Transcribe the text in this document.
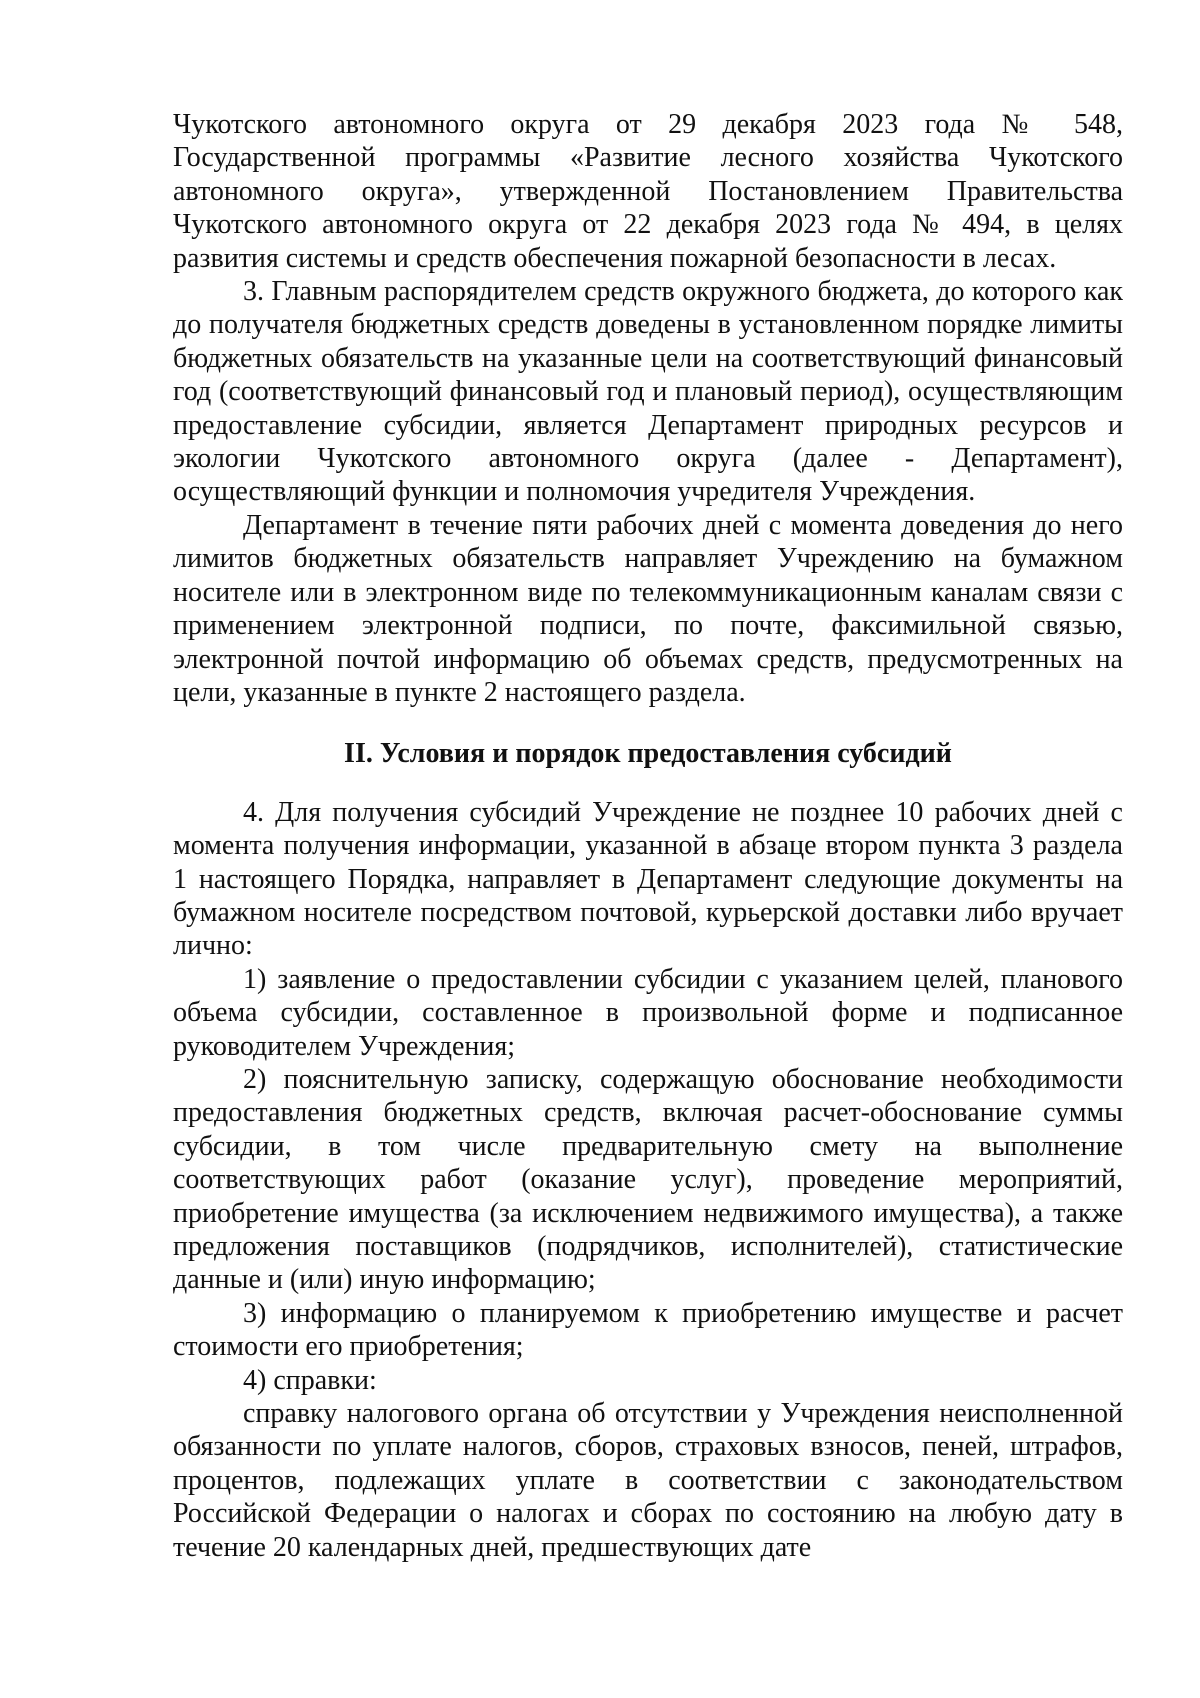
Чукотского автономного округа от 29 декабря 2023 года № 548, Государственной программы «Развитие лесного хозяйства Чукотского автономного округа», утвержденной Постановлением Правительства Чукотского автономного округа от 22 декабря 2023 года № 494, в целях развития системы и средств обеспечения пожарной безопасности в лесах.

3. Главным распорядителем средств окружного бюджета, до которого как до получателя бюджетных средств доведены в установленном порядке лимиты бюджетных обязательств на указанные цели на соответствующий финансовый год (соответствующий финансовый год и плановый период), осуществляющим предоставление субсидии, является Департамент природных ресурсов и экологии Чукотского автономного округа (далее - Департамент), осуществляющий функции и полномочия учредителя Учреждения.

Департамент в течение пяти рабочих дней с момента доведения до него лимитов бюджетных обязательств направляет Учреждению на бумажном носителе или в электронном виде по телекоммуникационным каналам связи с применением электронной подписи, по почте, факсимильной связью, электронной почтой информацию об объемах средств, предусмотренных на цели, указанные в пункте 2 настоящего раздела.

II. Условия и порядок предоставления субсидий

4. Для получения субсидий Учреждение не позднее 10 рабочих дней с момента получения информации, указанной в абзаце втором пункта 3 раздела 1 настоящего Порядка, направляет в Департамент следующие документы на бумажном носителе посредством почтовой, курьерской доставки либо вручает лично:

1) заявление о предоставлении субсидии с указанием целей, планового объема субсидии, составленное в произвольной форме и подписанное руководителем Учреждения;

2) пояснительную записку, содержащую обоснование необходимости предоставления бюджетных средств, включая расчет-обоснование суммы субсидии, в том числе предварительную смету на выполнение соответствующих работ (оказание услуг), проведение мероприятий, приобретение имущества (за исключением недвижимого имущества), а также предложения поставщиков (подрядчиков, исполнителей), статистические данные и (или) иную информацию;

3) информацию о планируемом к приобретению имуществе и расчет стоимости его приобретения;

4) справки:

справку налогового органа об отсутствии у Учреждения неисполненной обязанности по уплате налогов, сборов, страховых взносов, пеней, штрафов, процентов, подлежащих уплате в соответствии с законодательством Российской Федерации о налогах и сборах по состоянию на любую дату в течение 20 календарных дней, предшествующих дате
